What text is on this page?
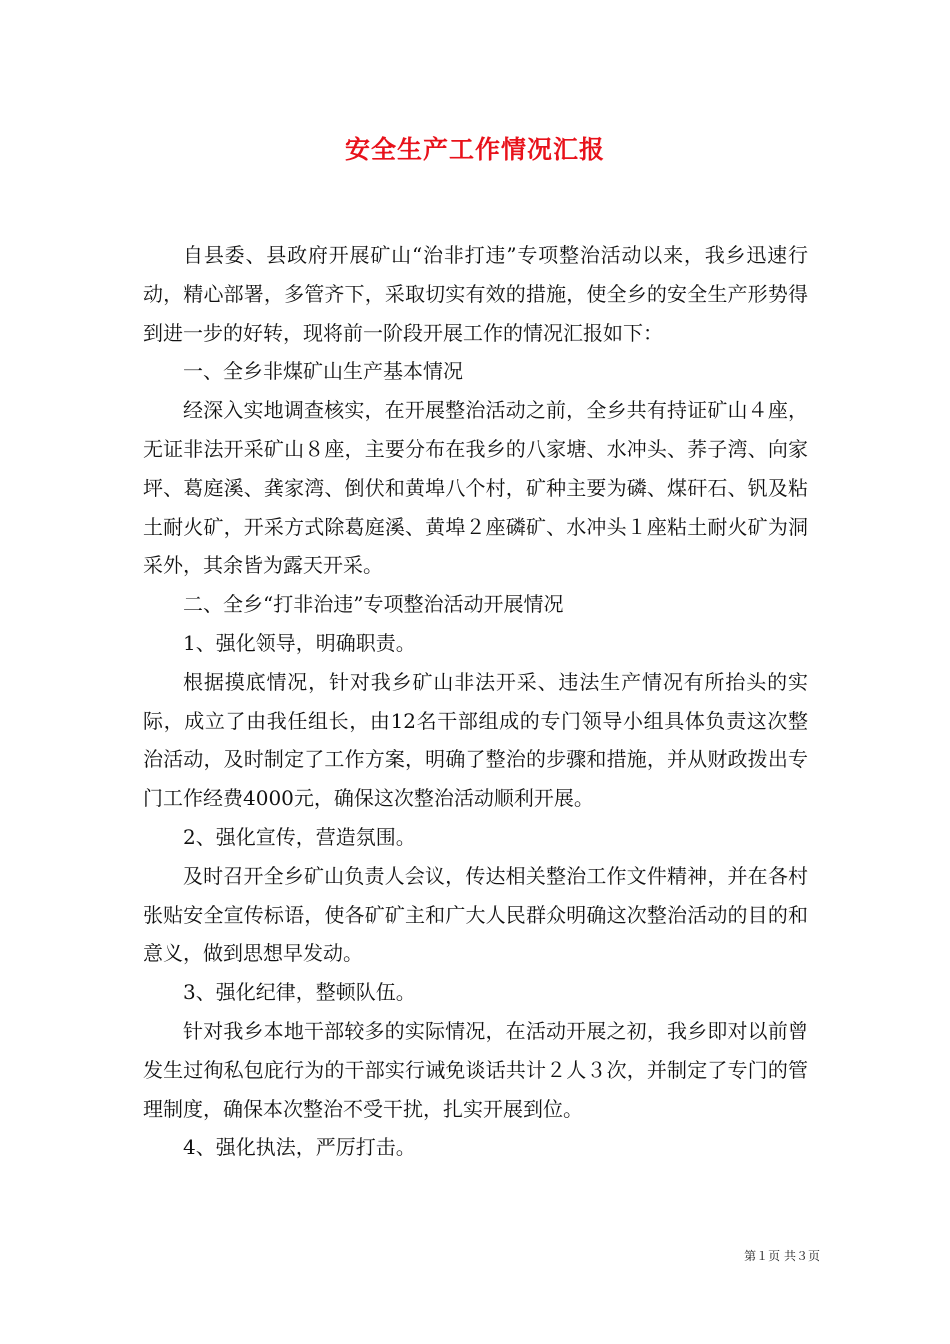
安全生产工作情况汇报

自县委、县政府开展矿山“治非打违”专项整治活动以来，我乡迅速行动，精心部署，多管齐下，采取切实有效的措施，使全乡的安全生产形势得到进一步的好转，现将前一阶段开展工作的情况汇报如下：

一、全乡非煤矿山生产基本情况

经深入实地调查核实，在开展整治活动之前，全乡共有持证矿山４座，无证非法开采矿山８座，主要分布在我乡的八家塘、水冲头、荞子湾、向家坪、葛庭溪、龚家湾、倒伏和黄埠八个村，矿种主要为磷、煤矸石、钒及粘土耐火矿，开采方式除葛庭溪、黄埠２座磷矿、水冲头１座粘土耐火矿为洞采外，其余皆为露天开采。

二、全乡“打非治违”专项整治活动开展情况

1、强化领导，明确职责。

根据摸底情况，针对我乡矿山非法开采、违法生产情况有所抬头的实际，成立了由我任组长，由12名干部组成的专门领导小组具体负责这次整治活动，及时制定了工作方案，明确了整治的步骤和措施，并从财政拨出专门工作经费4000元，确保这次整治活动顺利开展。

2、强化宣传，营造氛围。

及时召开全乡矿山负责人会议，传达相关整治工作文件精神，并在各村张贴安全宣传标语，使各矿矿主和广大人民群众明确这次整治活动的目的和意义，做到思想早发动。

3、强化纪律，整顿队伍。

针对我乡本地干部较多的实际情况，在活动开展之初，我乡即对以前曾发生过徇私包庇行为的干部实行诫免谈话共计２人３次，并制定了专门的管理制度，确保本次整治不受干扰，扎实开展到位。

4、强化执法，严厉打击。

第１页 共３页
